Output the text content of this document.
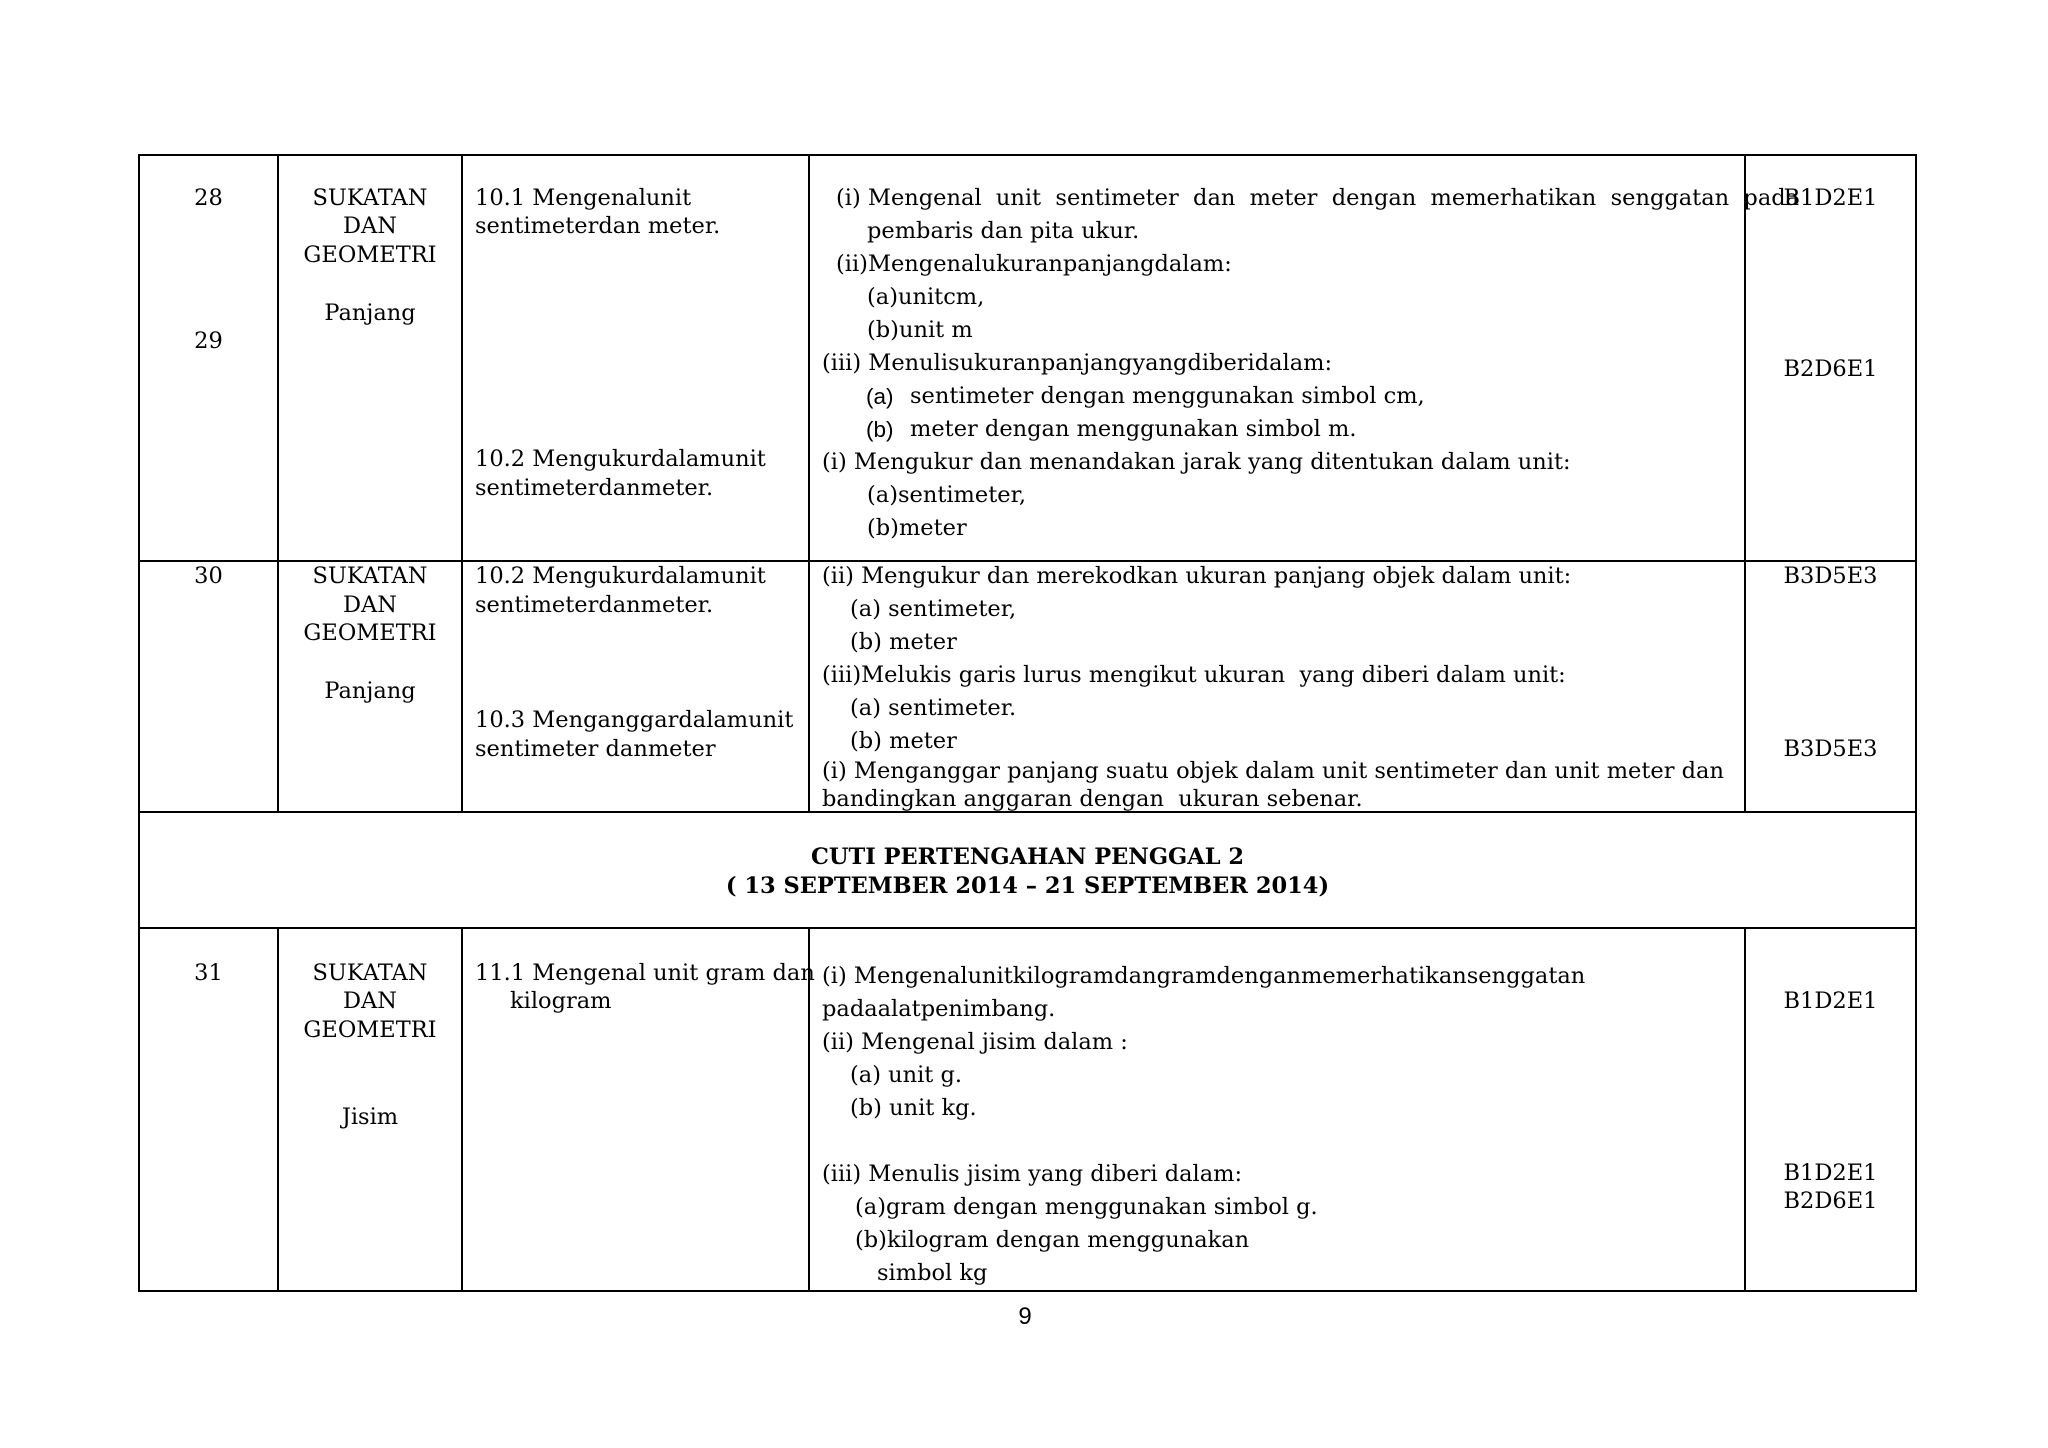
28
29
SUKATAN
DAN
GEOMETRI
Panjang
10.1 Mengenalunit
sentimeterdan meter.
10.2 Mengukurdalamunit
sentimeterdanmeter.
(i) Mengenal  unit  sentimeter  dan  meter  dengan  memerhatikan  senggatan  pada
pembaris dan pita ukur.
(ii)Mengenalukuranpanjangdalam:
(a)unitcm,
(b)unit m
(iii) Menulisukuranpanjangyangdiberidalam:
(a) sentimeter dengan menggunakan simbol cm,
(b) meter dengan menggunakan simbol m.
(i) Mengukur dan menandakan jarak yang ditentukan dalam unit:
(a)sentimeter,
(b)meter
B1D2E1
B2D6E1
30	SUKATAN
DAN
GEOMETRI
Panjang
10.2 Mengukurdalamunit
sentimeterdanmeter.
10.3 Menganggardalamunit
sentimeter danmeter
(ii) Mengukur dan merekodkan ukuran panjang objek dalam unit:
(a) sentimeter,
(b) meter
(iii)Melukis garis lurus mengikut ukuran  yang diberi dalam unit:
(a) sentimeter.
(b) meter
(i) Menganggar panjang suatu objek dalam unit sentimeter dan unit meter dan
bandingkan anggaran dengan  ukuran sebenar.
B3D5E3
B3D5E3
CUTI PERTENGAHAN PENGGAL 2
( 13 SEPTEMBER 2014 – 21 SEPTEMBER 2014)
31	SUKATAN
DAN
GEOMETRI
Jisim
11.1 Mengenal unit gram dan
kilogram
(i) Mengenalunitkilogramdangramdenganmemerhatikansenggatan
padaalatpenimbang.
(ii) Mengenal jisim dalam :
(a) unit g.
(b) unit kg.
(iii) Menulis jisim yang diberi dalam:
(a)gram dengan menggunakan simbol g.
(b)kilogram dengan menggunakan
simbol kg
B1D2E1
B1D2E1
B2D6E1
9
